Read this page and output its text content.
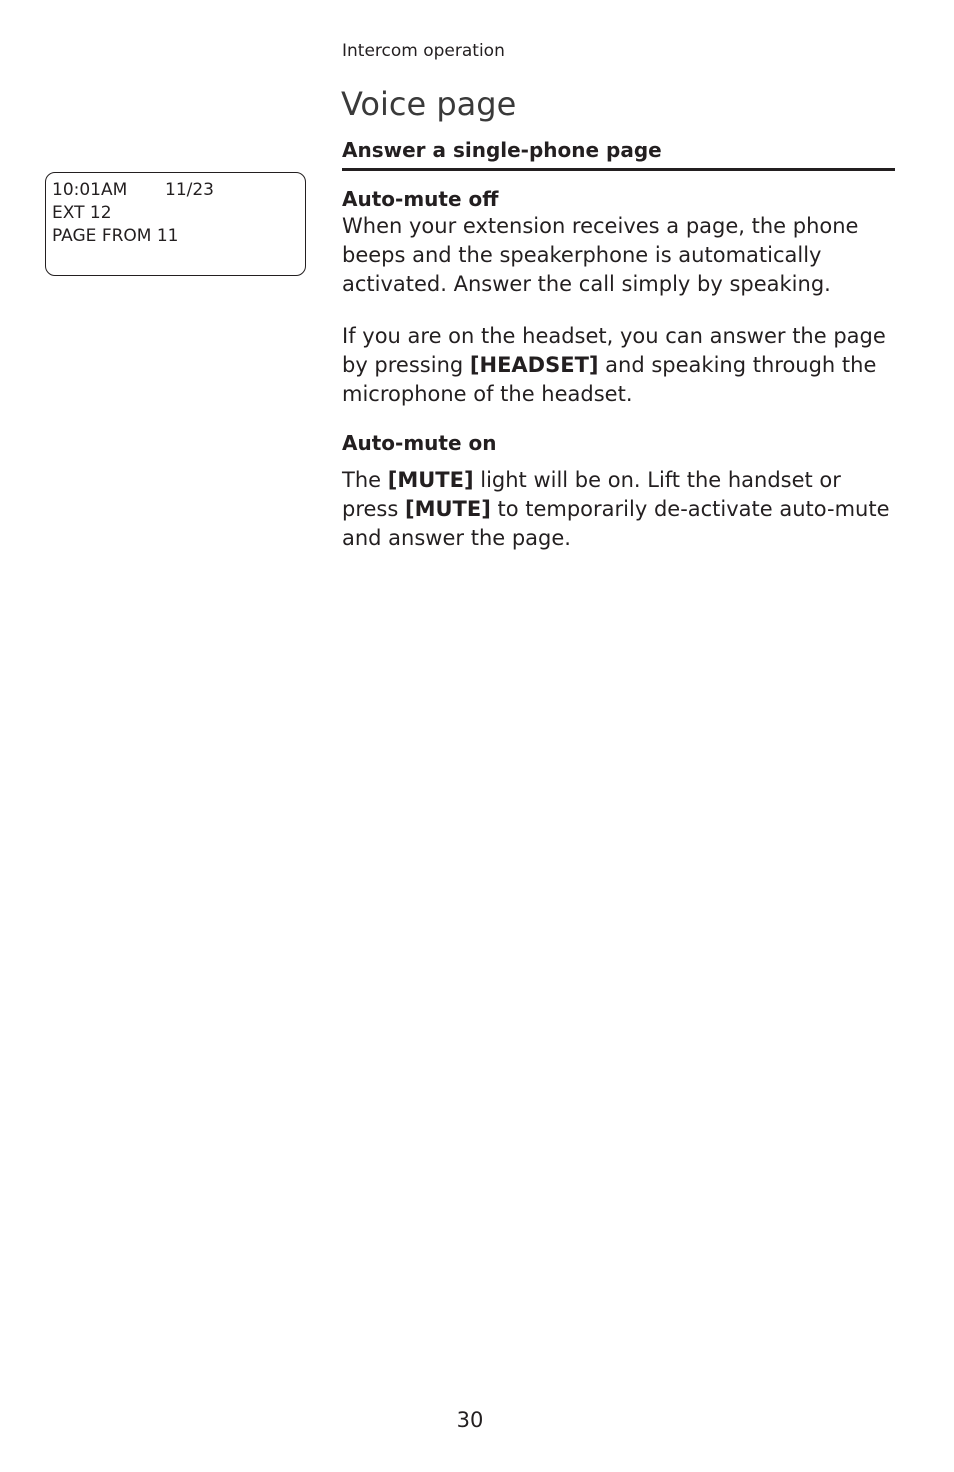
Intercom operation
Voice page
Answer a single-phone page
10:01AM 11/23
EXT 12
PAGE FROM 11
Auto-mute off

When your extension receives a page, the phone beeps and the speakerphone is automatically activated. Answer the call simply by speaking.

If you are on the headset, you can answer the page by pressing [HEADSET] and speaking through the microphone of the headset.

Auto-mute on

The [MUTE] light will be on. Lift the handset or press [MUTE] to temporarily de-activate auto-mute and answer the page.

30
